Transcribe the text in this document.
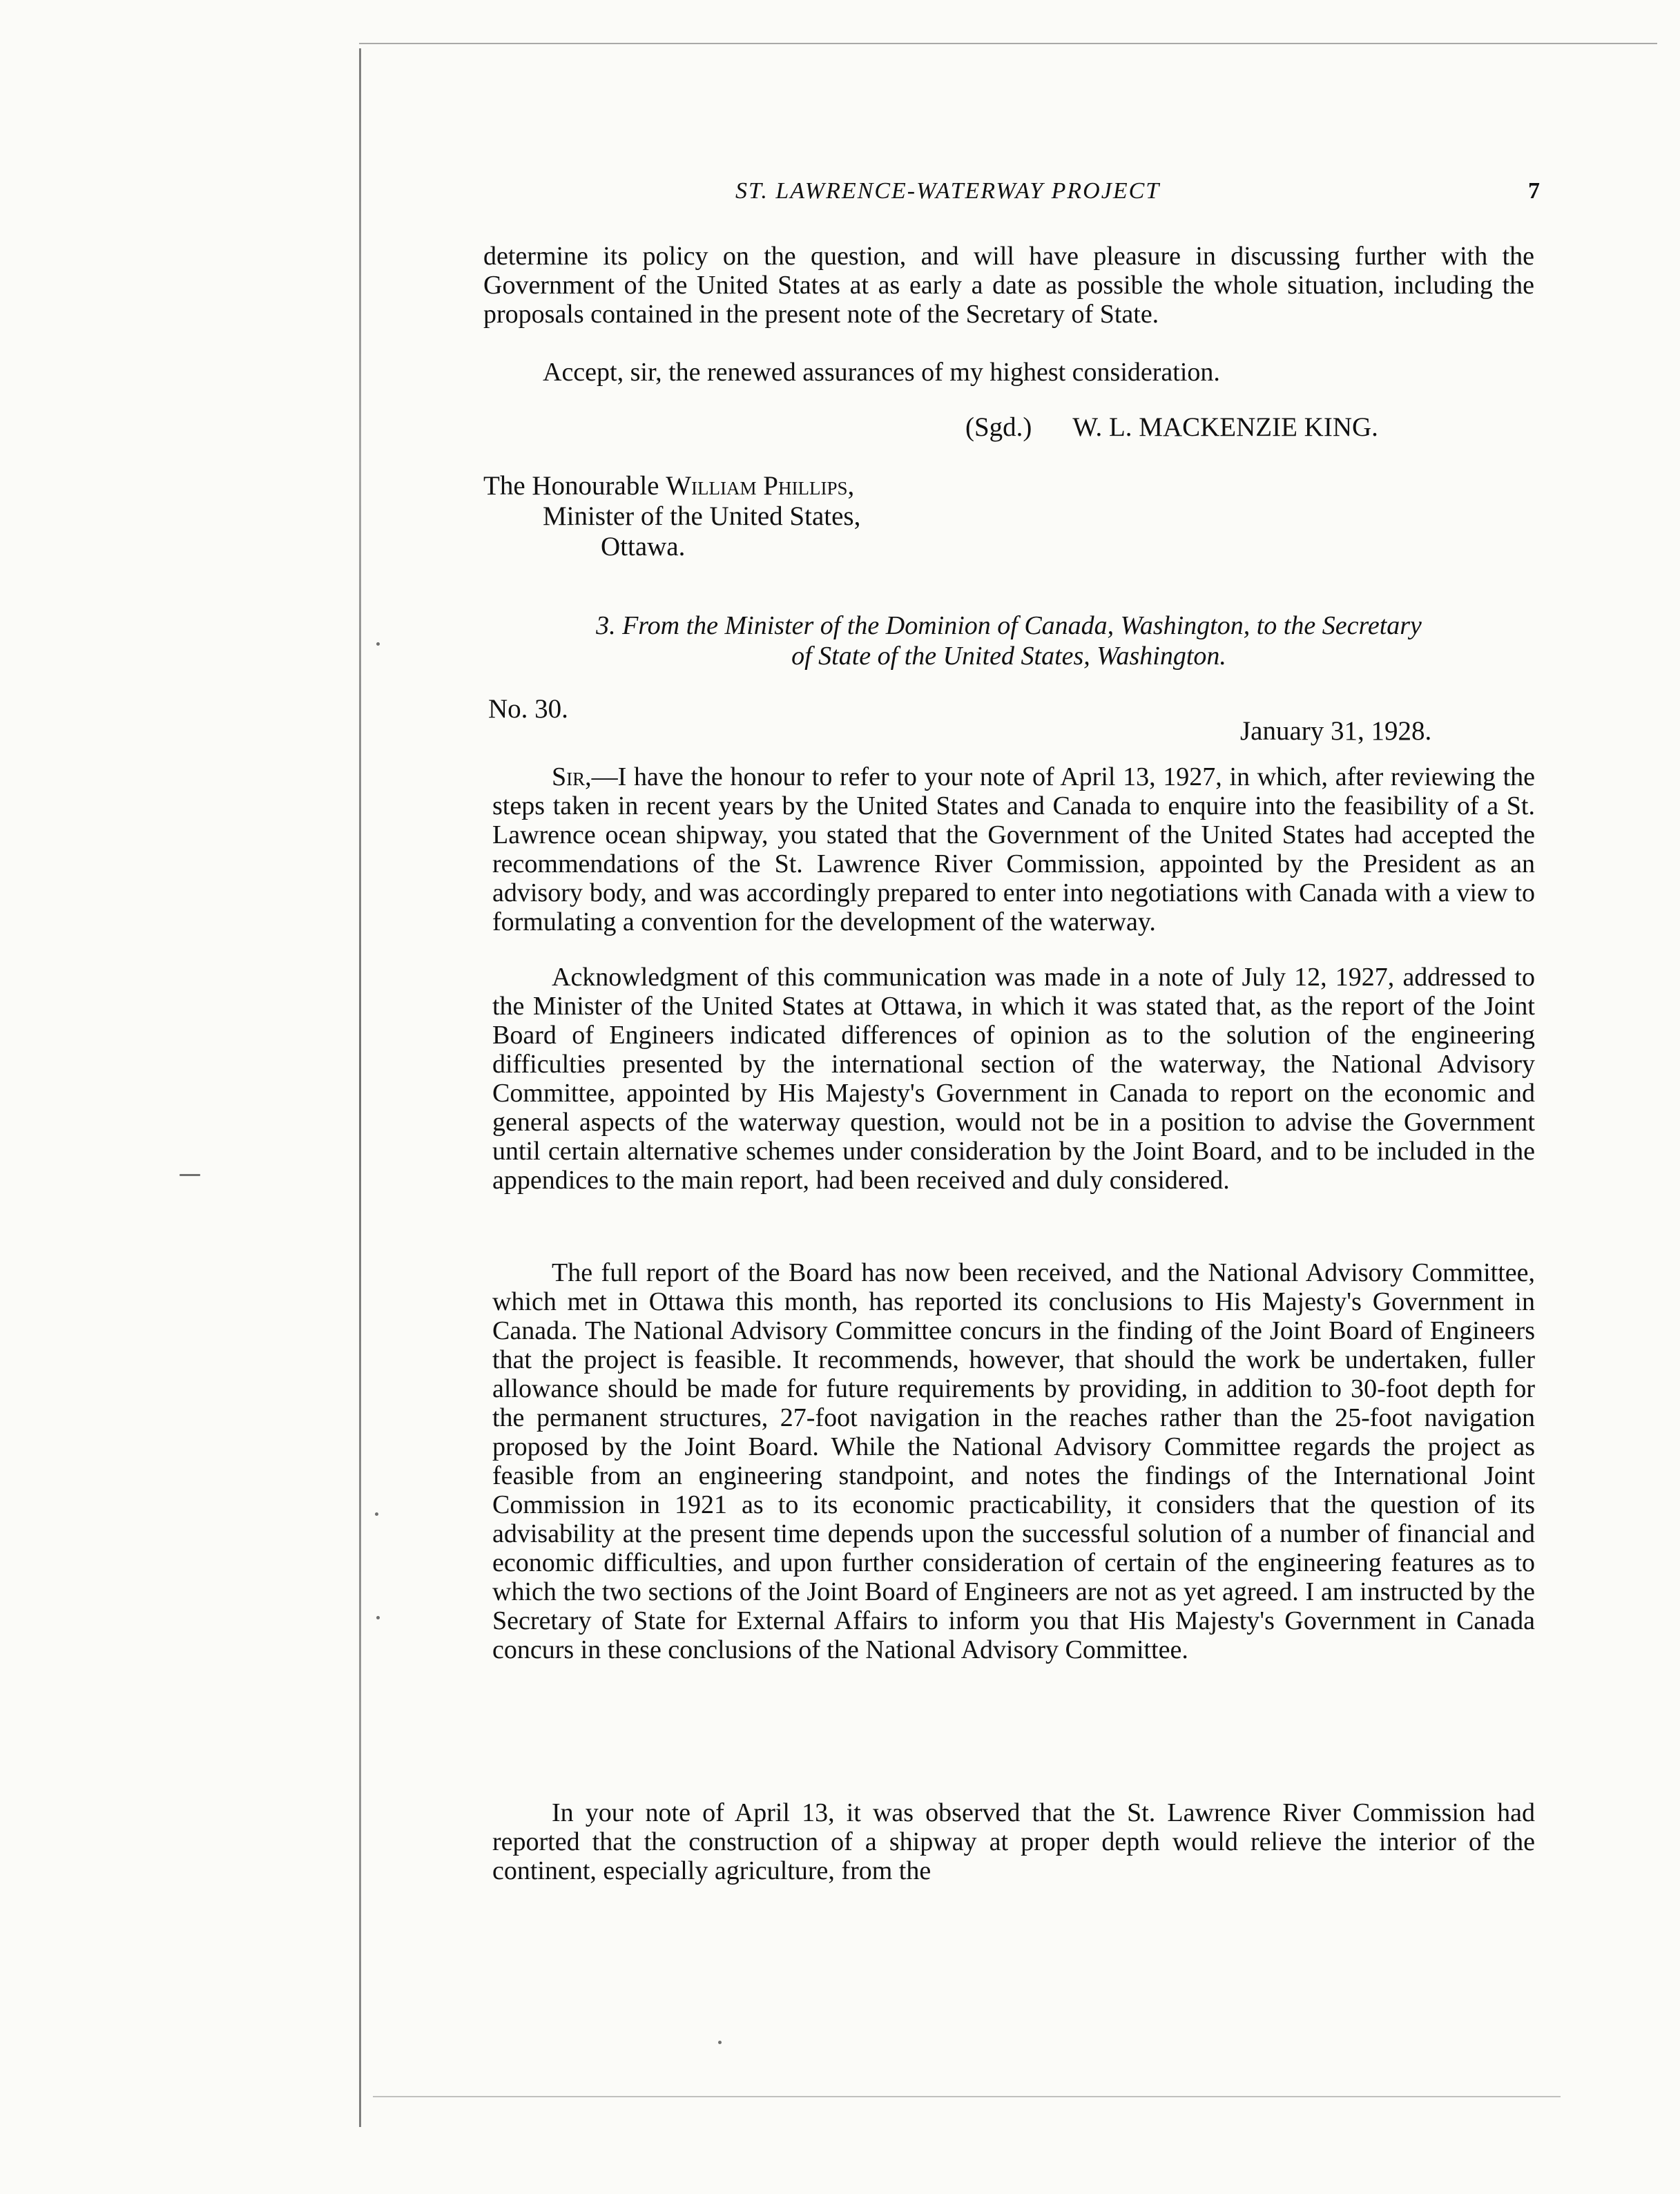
ST. LAWRENCE-WATERWAY PROJECT	7
determine its policy on the question, and will have pleasure in discussing further with the Government of the United States at as early a date as possible the whole situation, including the proposals contained in the present note of the Secretary of State.
Accept, sir, the renewed assurances of my highest consideration.
(Sgd.) W. L. MACKENZIE KING.
The Honourable William Phillips,
Minister of the United States,
Ottawa.
3. From the Minister of the Dominion of Canada, Washington, to the Secretary
of State of the United States, Washington.
No. 30.
January 31, 1928.
Sir,—I have the honour to refer to your note of April 13, 1927, in which, after reviewing the steps taken in recent years by the United States and Canada to enquire into the feasibility of a St. Lawrence ocean shipway, you stated that the Government of the United States had accepted the recommendations of the St. Lawrence River Commission, appointed by the President as an advisory body, and was accordingly prepared to enter into negotiations with Canada with a view to formulating a convention for the development of the waterway.
Acknowledgment of this communication was made in a note of July 12, 1927, addressed to the Minister of the United States at Ottawa, in which it was stated that, as the report of the Joint Board of Engineers indicated differences of opinion as to the solution of the engineering difficulties presented by the international section of the waterway, the National Advisory Committee, appointed by His Majesty's Government in Canada to report on the economic and general aspects of the waterway question, would not be in a position to advise the Government until certain alternative schemes under consideration by the Joint Board, and to be included in the appendices to the main report, had been received and duly considered.
The full report of the Board has now been received, and the National Advisory Committee, which met in Ottawa this month, has reported its conclusions to His Majesty's Government in Canada. The National Advisory Committee concurs in the finding of the Joint Board of Engineers that the project is feasible. It recommends, however, that should the work be undertaken, fuller allowance should be made for future requirements by providing, in addition to 30-foot depth for the permanent structures, 27-foot navigation in the reaches rather than the 25-foot navigation proposed by the Joint Board. While the National Advisory Committee regards the project as feasible from an engineering standpoint, and notes the findings of the International Joint Commission in 1921 as to its economic practicability, it considers that the question of its advisability at the present time depends upon the successful solution of a number of financial and economic difficulties, and upon further consideration of certain of the engineering features as to which the two sections of the Joint Board of Engineers are not as yet agreed. I am instructed by the Secretary of State for External Affairs to inform you that His Majesty's Government in Canada concurs in these conclusions of the National Advisory Committee.
In your note of April 13, it was observed that the St. Lawrence River Commission had reported that the construction of a shipway at proper depth would relieve the interior of the continent, especially agriculture, from the
